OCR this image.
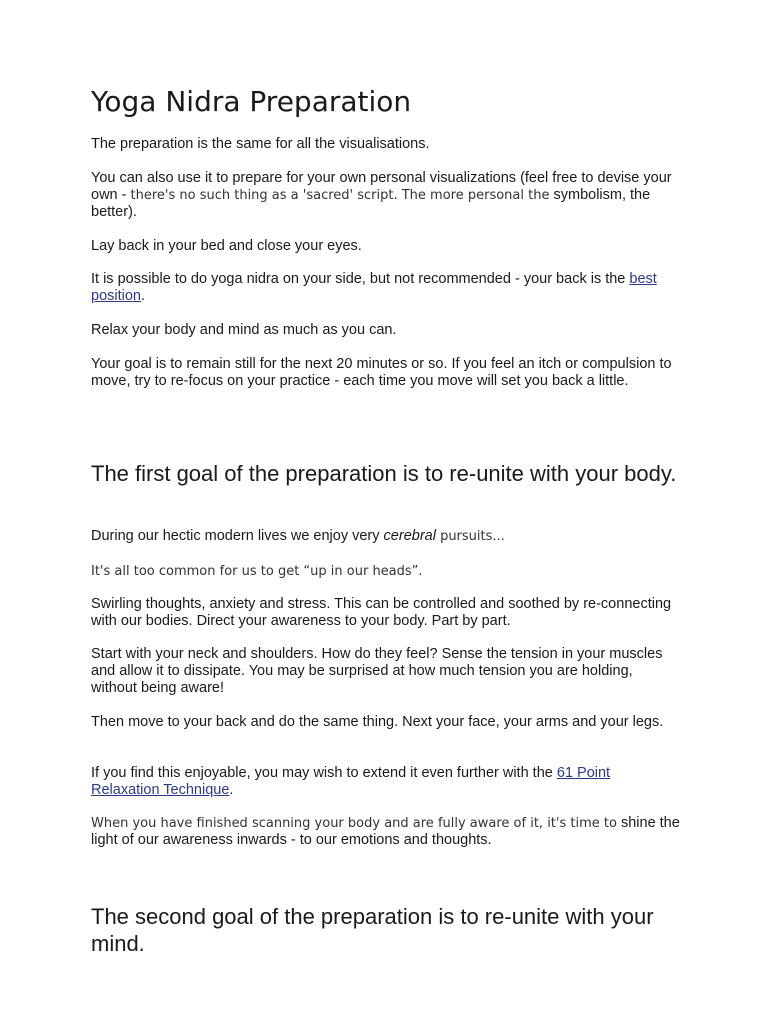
Yoga Nidra Preparation

The preparation is the same for all the visualisations.

You can also use it to prepare for your own personal visualizations (feel free to devise your own - there's no such thing as a 'sacred' script. The more personal the symbolism, the better).

Lay back in your bed and close your eyes.

It is possible to do yoga nidra on your side, but not recommended - your back is the best position.

Relax your body and mind as much as you can.

Your goal is to remain still for the next 20 minutes or so. If you feel an itch or compulsion to move, try to re-focus on your practice - each time you move will set you back a little.

The first goal of the preparation is to re-unite with your body.

During our hectic modern lives we enjoy very cerebral pursuits...

It's all too common for us to get “up in our heads”.

Swirling thoughts, anxiety and stress. This can be controlled and soothed by re-connecting with our bodies. Direct your awareness to your body. Part by part.

Start with your neck and shoulders. How do they feel? Sense the tension in your muscles and allow it to dissipate. You may be surprised at how much tension you are holding, without being aware!

Then move to your back and do the same thing. Next your face, your arms and your legs.

If you find this enjoyable, you may wish to extend it even further with the 61 Point Relaxation Technique.

When you have finished scanning your body and are fully aware of it, it's time to shine the light of our awareness inwards - to our emotions and thoughts.

The second goal of the preparation is to re-unite with your mind.
